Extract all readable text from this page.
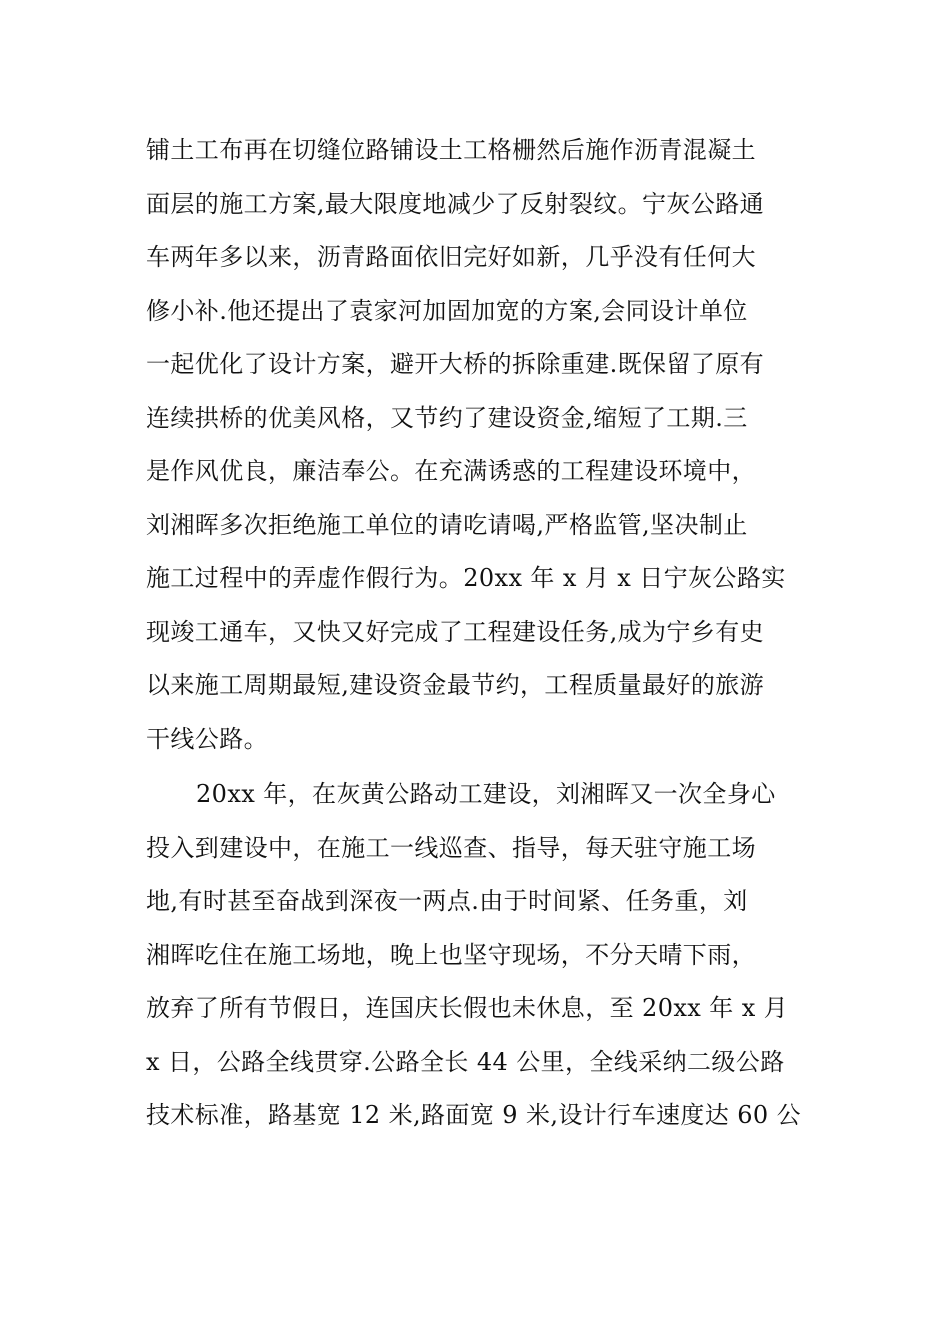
铺土工布再在切缝位路铺设土工格栅然后施作沥青混凝土
面层的施工方案,最大限度地减少了反射裂纹。宁灰公路通
车两年多以来，沥青路面依旧完好如新，几乎没有任何大
修小补.他还提出了袁家河加固加宽的方案,会同设计单位
一起优化了设计方案，避开大桥的拆除重建.既保留了原有
连续拱桥的优美风格，又节约了建设资金,缩短了工期.三
是作风优良，廉洁奉公。在充满诱惑的工程建设环境中，
刘湘晖多次拒绝施工单位的请吃请喝,严格监管,坚决制止
施工过程中的弄虚作假行为。20xx 年 x 月 x 日宁灰公路实
现竣工通车，又快又好完成了工程建设任务,成为宁乡有史
以来施工周期最短,建设资金最节约，工程质量最好的旅游
干线公路。
20xx 年，在灰黄公路动工建设，刘湘晖又一次全身心
投入到建设中，在施工一线巡查、指导，每天驻守施工场
地,有时甚至奋战到深夜一两点.由于时间紧、任务重，刘
湘晖吃住在施工场地，晚上也坚守现场，不分天晴下雨，
放弃了所有节假日，连国庆长假也未休息，至 20xx 年 x 月
x 日，公路全线贯穿.公路全长 44 公里，全线采纳二级公路
技术标准，路基宽 12 米,路面宽 9 米,设计行车速度达 60 公
